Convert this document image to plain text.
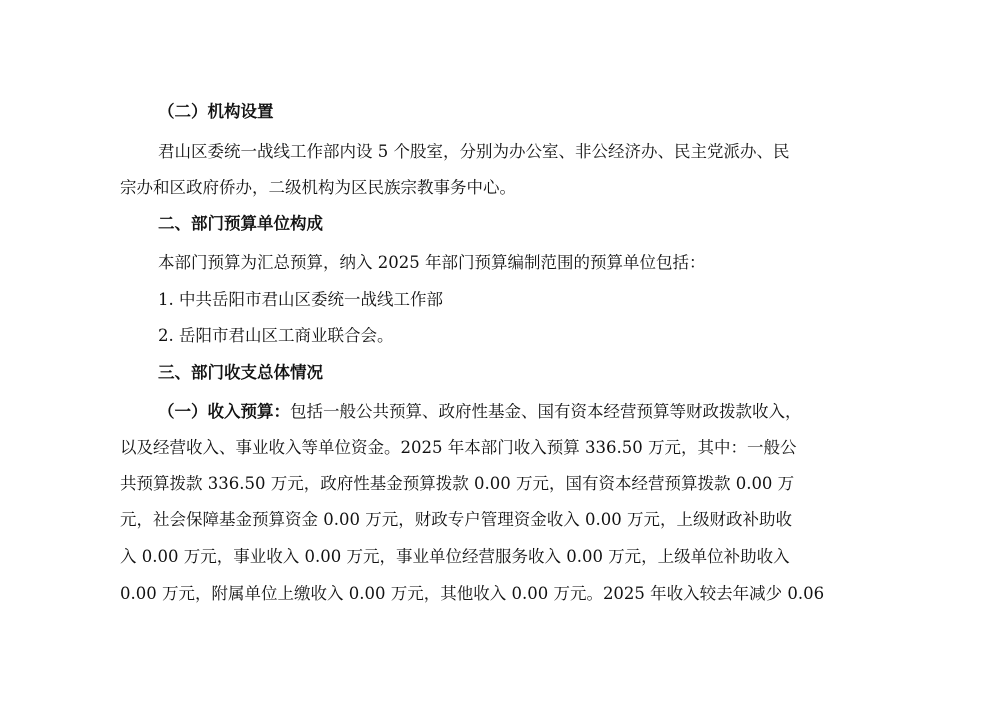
（二）机构设置
君山区委统一战线工作部内设 5 个股室，分别为办公室、非公经济办、民主党派办、民
宗办和区政府侨办，二级机构为区民族宗教事务中心。
二、部门预算单位构成
本部门预算为汇总预算，纳入 2025 年部门预算编制范围的预算单位包括：
1. 中共岳阳市君山区委统一战线工作部
2. 岳阳市君山区工商业联合会。
三、部门收支总体情况
（一）收入预算：包括一般公共预算、政府性基金、国有资本经营预算等财政拨款收入，
以及经营收入、事业收入等单位资金。2025 年本部门收入预算 336.50 万元，其中：一般公
共预算拨款 336.50 万元，政府性基金预算拨款 0.00 万元，国有资本经营预算拨款 0.00 万
元，社会保障基金预算资金 0.00 万元，财政专户管理资金收入 0.00 万元，上级财政补助收
入 0.00 万元，事业收入 0.00 万元，事业单位经营服务收入 0.00 万元，上级单位补助收入
0.00 万元，附属单位上缴收入 0.00 万元，其他收入 0.00 万元。2025 年收入较去年减少 0.06
